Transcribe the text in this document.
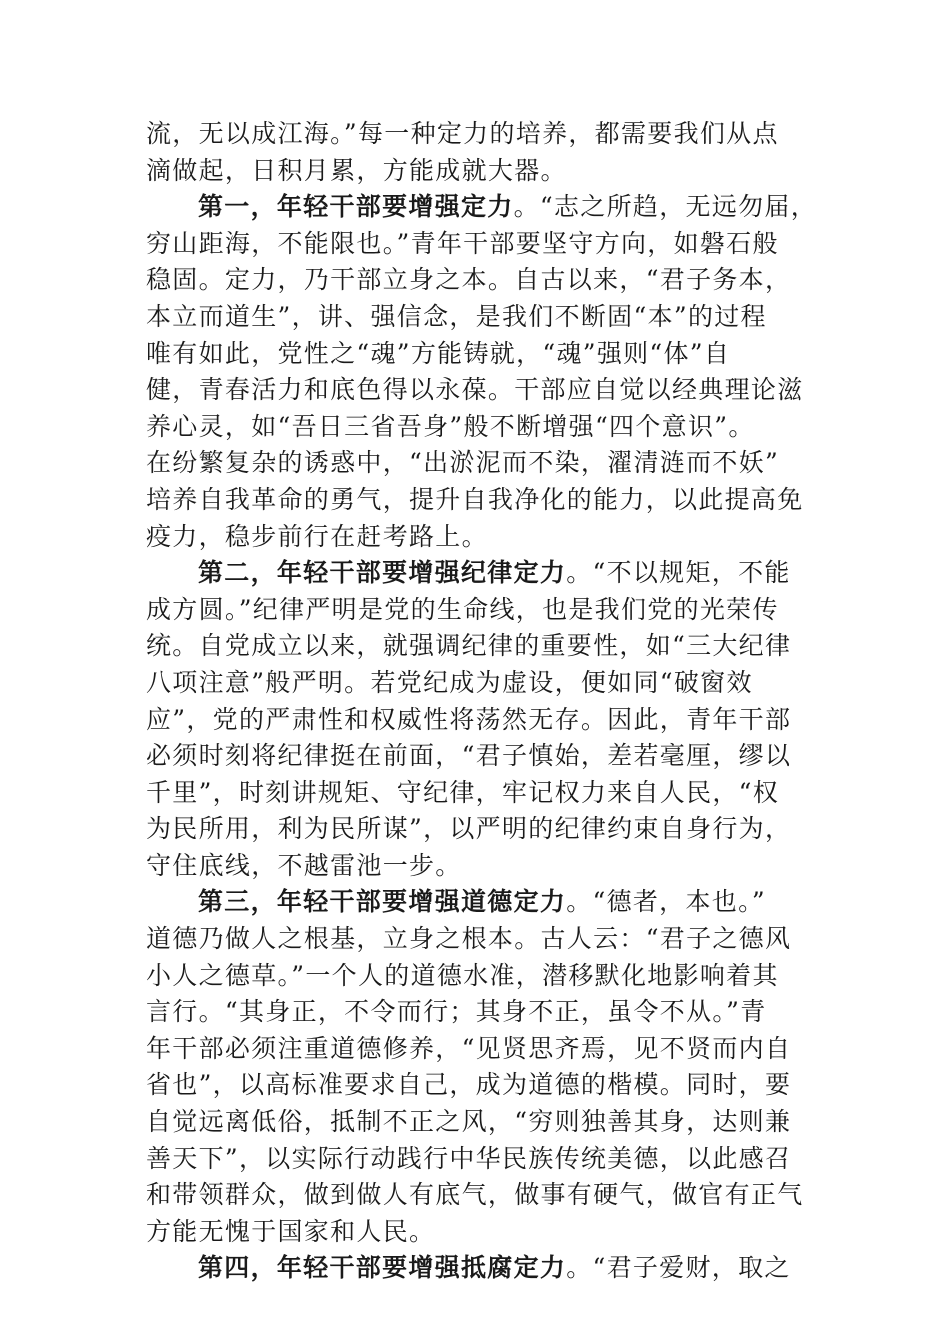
流，无以成江海。”每一种定力的培养，都需要我们从点
滴做起，日积月累，方能成就大器。
第一，年轻干部要增强定力。“志之所趋，无远勿届，
穷山距海，不能限也。”青年干部要坚守方向，如磐石般
稳固。定力，乃干部立身之本。自古以来，“君子务本，
本立而道生”，讲、强信念，是我们不断固“本”的过程
唯有如此，党性之“魂”方能铸就，“魂”强则“体”自
健，青春活力和底色得以永葆。干部应自觉以经典理论滋
养心灵，如“吾日三省吾身”般不断增强“四个意识”。
在纷繁复杂的诱惑中，“出淤泥而不染，濯清涟而不妖”
培养自我革命的勇气，提升自我净化的能力，以此提高免
疫力，稳步前行在赶考路上。
第二，年轻干部要增强纪律定力。“不以规矩，不能
成方圆。”纪律严明是党的生命线，也是我们党的光荣传
统。自党成立以来，就强调纪律的重要性，如“三大纪律
八项注意”般严明。若党纪成为虚设，便如同“破窗效
应”，党的严肃性和权威性将荡然无存。因此，青年干部
必须时刻将纪律挺在前面，“君子慎始，差若毫厘，缪以
千里”，时刻讲规矩、守纪律，牢记权力来自人民，“权
为民所用，利为民所谋”，以严明的纪律约束自身行为，
守住底线，不越雷池一步。
第三，年轻干部要增强道德定力。“德者，本也。”
道德乃做人之根基，立身之根本。古人云：“君子之德风
小人之德草。”一个人的道德水准，潜移默化地影响着其
言行。“其身正，不令而行；其身不正，虽令不从。”青
年干部必须注重道德修养，“见贤思齐焉，见不贤而内自
省也”，以高标准要求自己，成为道德的楷模。同时，要
自觉远离低俗，抵制不正之风，“穷则独善其身，达则兼
善天下”，以实际行动践行中华民族传统美德，以此感召
和带领群众，做到做人有底气，做事有硬气，做官有正气
方能无愧于国家和人民。
第四，年轻干部要增强抵腐定力。“君子爱财，取之
